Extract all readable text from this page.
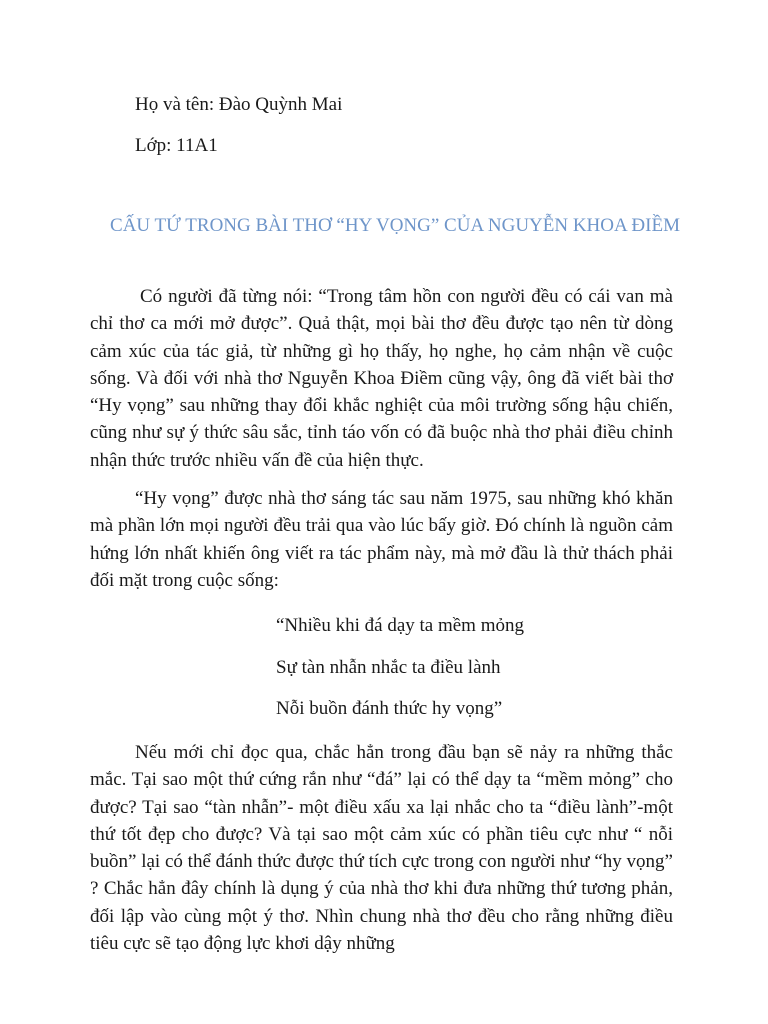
Họ và tên: Đào Quỳnh Mai

Lớp: 11A1

CẤU TỨ TRONG BÀI THƠ “HY VỌNG” CỦA NGUYỄN KHOA ĐIỀM

Có người đã từng nói: “Trong tâm hồn con người đều có cái van mà chỉ thơ ca mới mở được”. Quả thật, mọi bài thơ đều được tạo nên từ dòng cảm xúc của tác giả, từ những gì họ thấy, họ nghe, họ cảm nhận về cuộc sống. Và đối với nhà thơ Nguyễn Khoa Điềm cũng vậy, ông đã viết bài thơ “Hy vọng” sau những thay đổi khắc nghiệt của môi trường sống hậu chiến, cũng như sự ý thức sâu sắc, tỉnh táo vốn có đã buộc nhà thơ phải điều chỉnh nhận thức trước nhiều vấn đề của hiện thực.

“Hy vọng” được nhà thơ sáng tác sau năm 1975, sau những khó khăn mà phần lớn mọi người đều trải qua vào lúc bấy giờ. Đó chính là nguồn cảm hứng lớn nhất khiến ông viết ra tác phẩm này, mà mở đầu là thử thách phải đối mặt trong cuộc sống:

“Nhiều khi đá dạy ta mềm mỏng

Sự tàn nhẫn nhắc ta điều lành

Nỗi buồn đánh thức hy vọng”

Nếu mới chỉ đọc qua, chắc hẳn trong đầu bạn sẽ nảy ra những thắc mắc. Tại sao một thứ cứng rắn như “đá” lại có thể dạy ta “mềm mỏng” cho được? Tại sao “tàn nhẫn”- một điều xấu xa lại nhắc cho ta “điều lành”-một thứ tốt đẹp cho được? Và tại sao một cảm xúc có phần tiêu cực như “ nỗi buồn” lại có thể đánh thức được thứ tích cực trong con người như “hy vọng” ? Chắc hẳn đây chính là dụng ý của nhà thơ khi đưa những thứ tương phản, đối lập vào cùng một ý thơ. Nhìn chung nhà thơ đều cho rằng những điều tiêu cực sẽ tạo động lực khơi dậy những
